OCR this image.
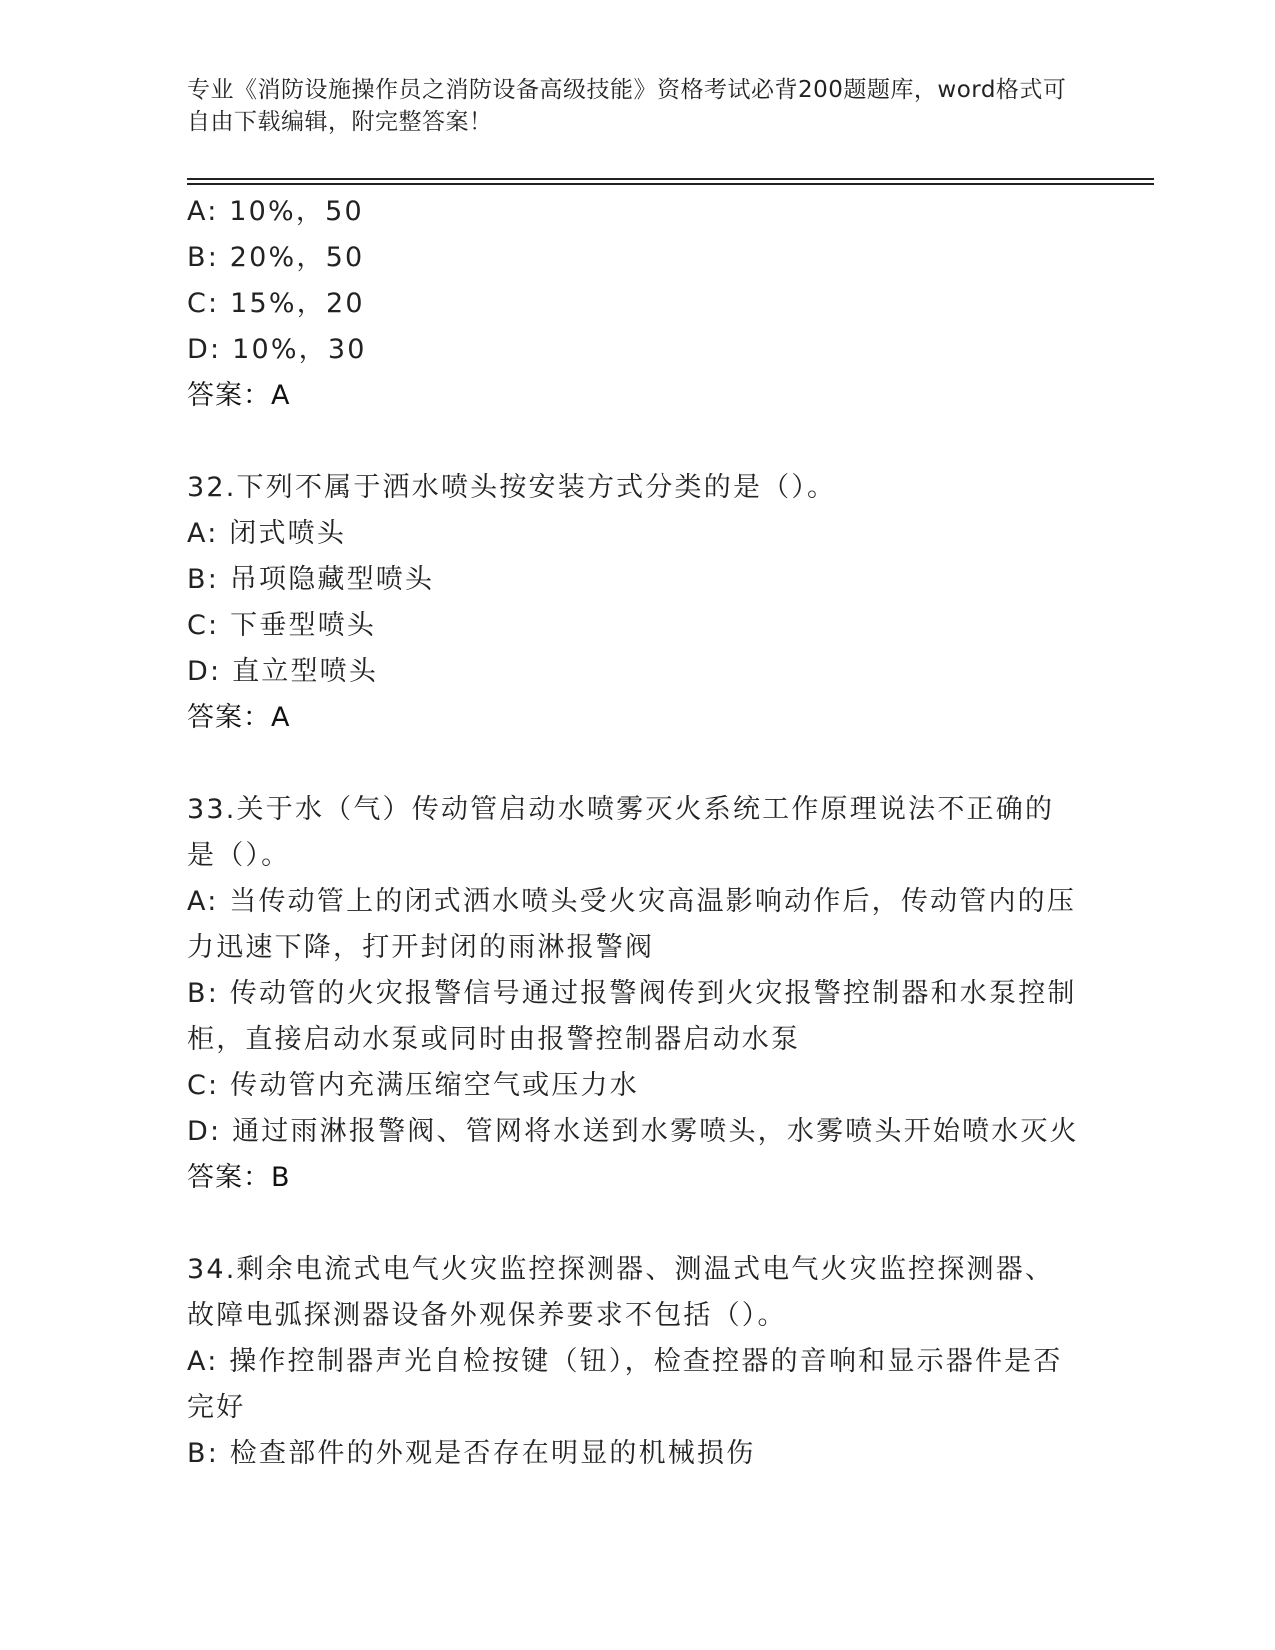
专业《消防设施操作员之消防设备高级技能》资格考试必背200题题库，word格式可自由下载编辑，附完整答案！
A: 10%，50
B: 20%，50
C: 15%，20
D: 10%，30
答案：A
32.下列不属于洒水喷头按安装方式分类的是（）。
A: 闭式喷头
B: 吊项隐藏型喷头
C: 下垂型喷头
D: 直立型喷头
答案：A
33.关于水（气）传动管启动水喷雾灭火系统工作原理说法不正确的是（）。
A: 当传动管上的闭式洒水喷头受火灾高温影响动作后，传动管内的压力迅速下降，打开封闭的雨淋报警阀
B: 传动管的火灾报警信号通过报警阀传到火灾报警控制器和水泵控制柜，直接启动水泵或同时由报警控制器启动水泵
C: 传动管内充满压缩空气或压力水
D: 通过雨淋报警阀、管网将水送到水雾喷头，水雾喷头开始喷水灭火
答案：B
34.剩余电流式电气火灾监控探测器、测温式电气火灾监控探测器、故障电弧探测器设备外观保养要求不包括（）。
A: 操作控制器声光自检按键（钮），检查控器的音响和显示器件是否完好
B: 检查部件的外观是否存在明显的机械损伤
